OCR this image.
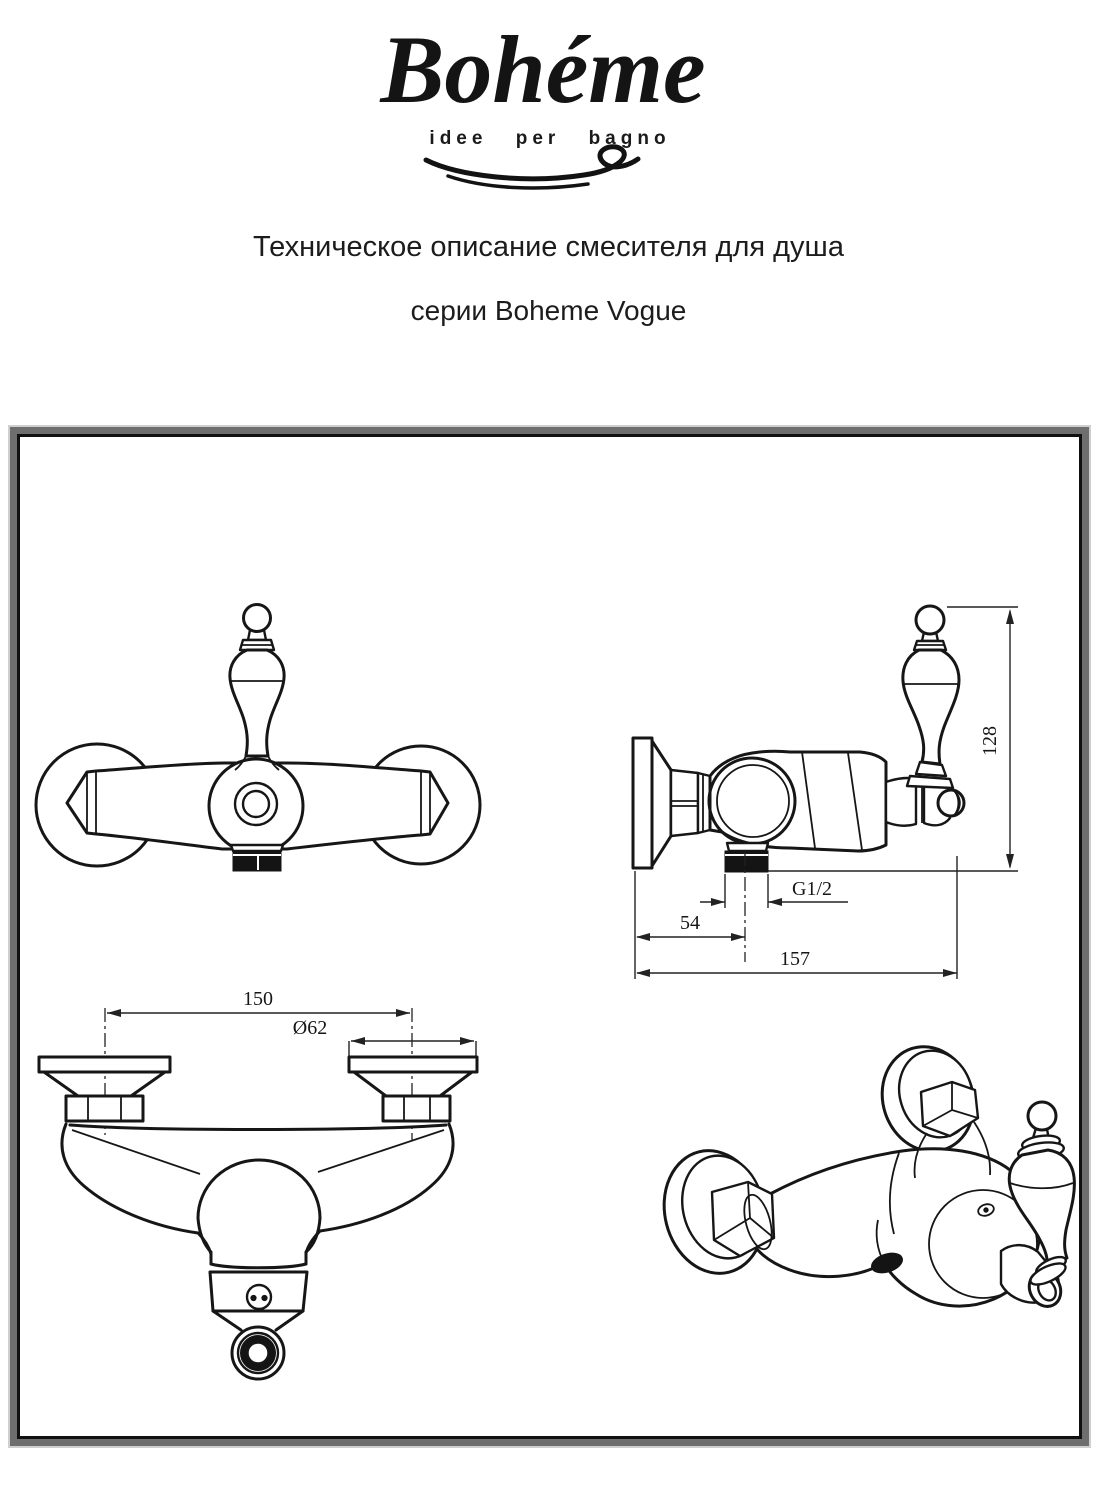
Bohéme
idee per bagno
Техническое описание смесителя для душа
серии Boheme Vogue
128
G1/2
54
157
150
Ø62
